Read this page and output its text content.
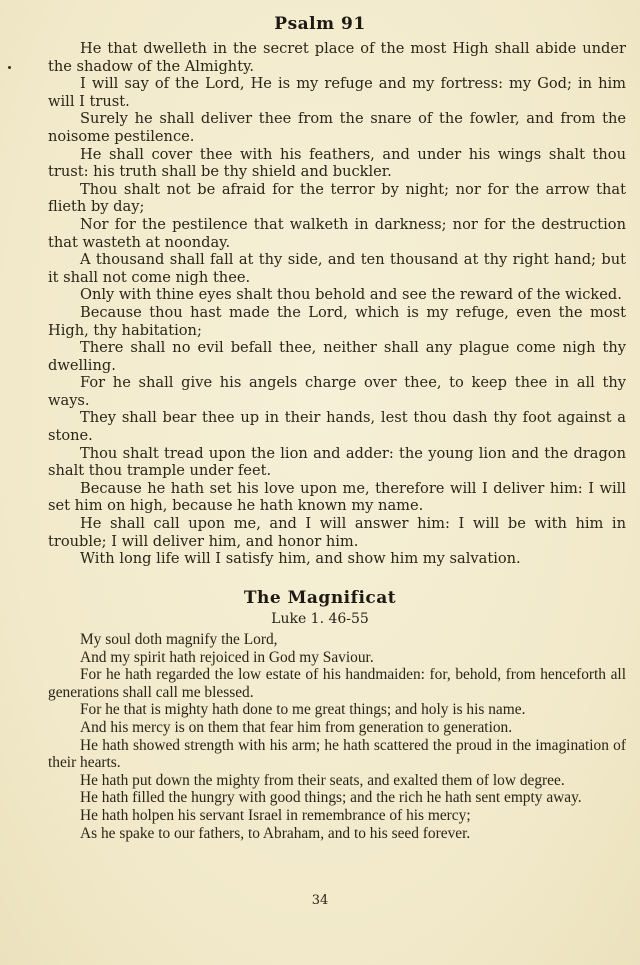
Psalm 91

He that dwelleth in the secret place of the most High shall abide under the shadow of the Almighty.

I will say of the Lord, He is my refuge and my fortress: my God; in him will I trust.

Surely he shall deliver thee from the snare of the fowler, and from the noisome pestilence.

He shall cover thee with his feathers, and under his wings shalt thou trust: his truth shall be thy shield and buckler.

Thou shalt not be afraid for the terror by night; nor for the arrow that flieth by day;

Nor for the pestilence that walketh in darkness; nor for the destruction that wasteth at noonday.

A thousand shall fall at thy side, and ten thousand at thy right hand; but it shall not come nigh thee.

Only with thine eyes shalt thou behold and see the reward of the wicked.

Because thou hast made the Lord, which is my refuge, even the most High, thy habitation;

There shall no evil befall thee, neither shall any plague come nigh thy dwelling.

For he shall give his angels charge over thee, to keep thee in all thy ways.

They shall bear thee up in their hands, lest thou dash thy foot against a stone.

Thou shalt tread upon the lion and adder: the young lion and the dragon shalt thou trample under feet.

Because he hath set his love upon me, therefore will I deliver him: I will set him on high, because he hath known my name.

He shall call upon me, and I will answer him: I will be with him in trouble; I will deliver him, and honor him.

With long life will I satisfy him, and show him my salvation.

The Magnificat
Luke 1. 46-55

My soul doth magnify the Lord,

And my spirit hath rejoiced in God my Saviour.

For he hath regarded the low estate of his handmaiden: for, behold, from henceforth all generations shall call me blessed.

For he that is mighty hath done to me great things; and holy is his name.

And his mercy is on them that fear him from generation to generation.

He hath showed strength with his arm; he hath scattered the proud in the imagination of their hearts.

He hath put down the mighty from their seats, and exalted them of low degree.

He hath filled the hungry with good things; and the rich he hath sent empty away.

He hath holpen his servant Israel in remembrance of his mercy;

As he spake to our fathers, to Abraham, and to his seed forever.

34
